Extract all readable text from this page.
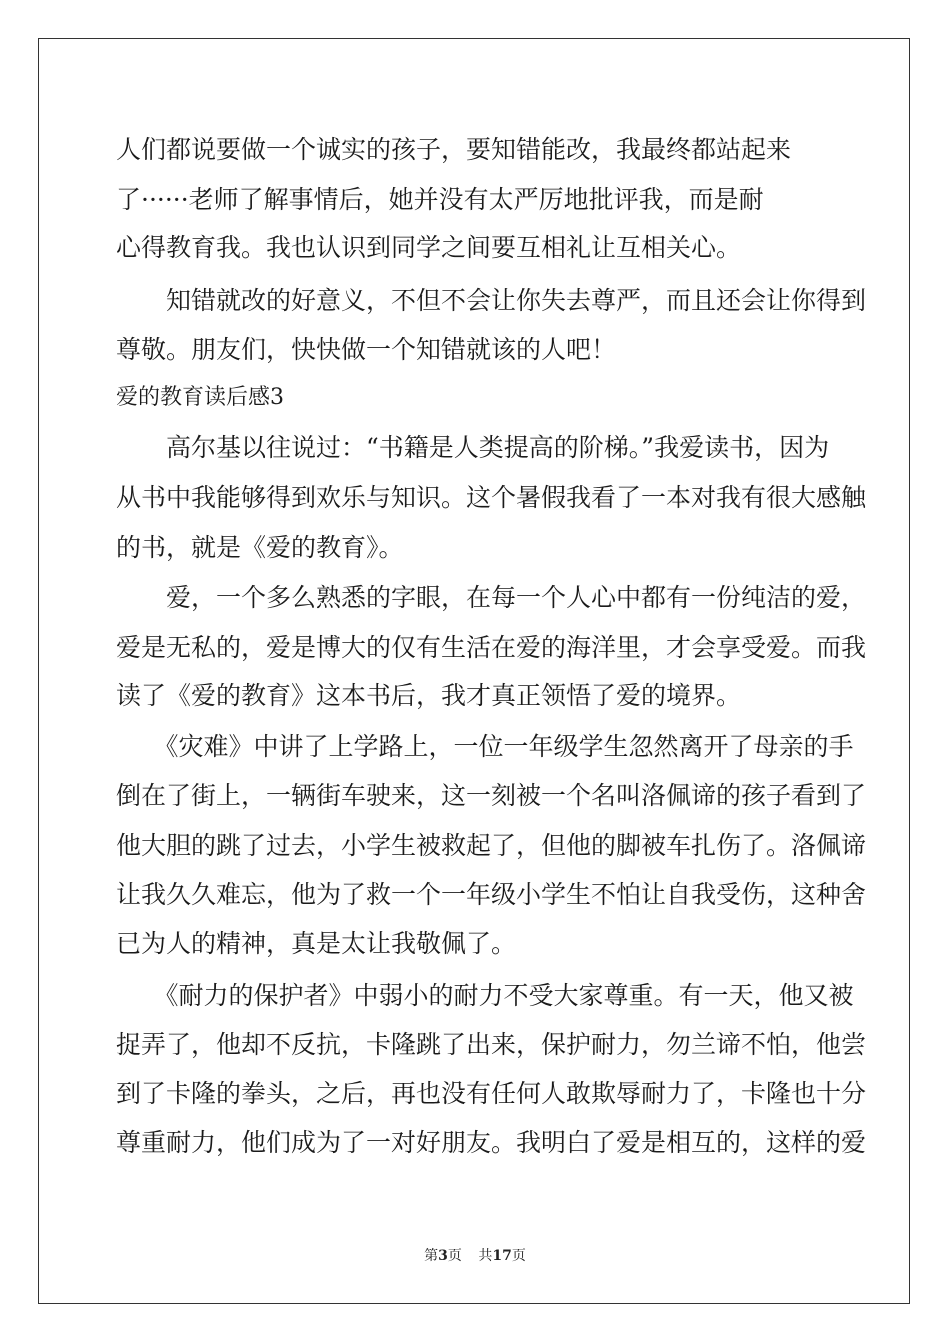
人们都说要做一个诚实的孩子，要知错能改，我最终都站起来
了······老师了解事情后，她并没有太严厉地批评我，而是耐
心得教育我。我也认识到同学之间要互相礼让互相关心。
　　知错就改的好意义，不但不会让你失去尊严，而且还会让你得到
尊敬。朋友们，快快做一个知错就该的人吧！
爱的教育读后感3
　　高尔基以往说过：“书籍是人类提高的阶梯。”我爱读书，因为
从书中我能够得到欢乐与知识。这个暑假我看了一本对我有很大感触
的书，就是《爱的教育》。
　　爱，一个多么熟悉的字眼，在每一个人心中都有一份纯洁的爱，
爱是无私的，爱是博大的仅有生活在爱的海洋里，才会享受爱。而我
读了《爱的教育》这本书后，我才真正领悟了爱的境界。
　　《灾难》中讲了上学路上，一位一年级学生忽然离开了母亲的手
倒在了街上，一辆街车驶来，这一刻被一个名叫洛佩谛的孩子看到了
他大胆的跳了过去，小学生被救起了，但他的脚被车扎伤了。洛佩谛
让我久久难忘，他为了救一个一年级小学生不怕让自我受伤，这种舍
已为人的精神，真是太让我敬佩了。
　　《耐力的保护者》中弱小的耐力不受大家尊重。有一天，他又被
捉弄了，他却不反抗，卡隆跳了出来，保护耐力，勿兰谛不怕，他尝
到了卡隆的拳头，之后，再也没有任何人敢欺辱耐力了，卡隆也十分
尊重耐力，他们成为了一对好朋友。我明白了爱是相互的，这样的爱
第3页 共17页
